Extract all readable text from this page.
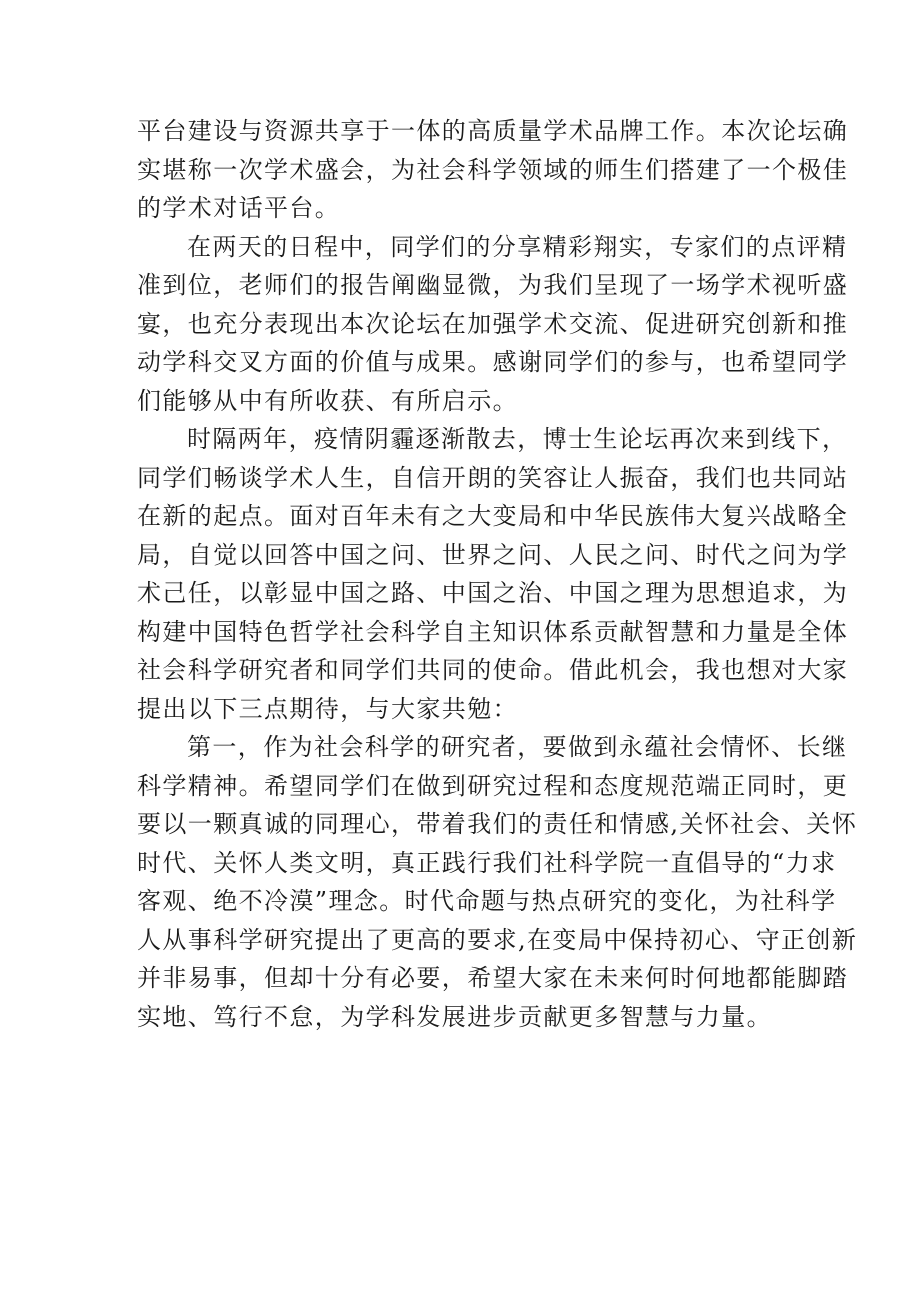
平台建设与资源共享于一体的高质量学术品牌工作。本次论坛确
实堪称一次学术盛会，为社会科学领域的师生们搭建了一个极佳
的学术对话平台。

在两天的日程中，同学们的分享精彩翔实，专家们的点评精
准到位，老师们的报告阐幽显微，为我们呈现了一场学术视听盛
宴，也充分表现出本次论坛在加强学术交流、促进研究创新和推
动学科交叉方面的价值与成果。感谢同学们的参与，也希望同学
们能够从中有所收获、有所启示。

时隔两年，疫情阴霾逐渐散去，博士生论坛再次来到线下，
同学们畅谈学术人生，自信开朗的笑容让人振奋，我们也共同站
在新的起点。面对百年未有之大变局和中华民族伟大复兴战略全
局，自觉以回答中国之问、世界之问、人民之问、时代之问为学
术己任，以彰显中国之路、中国之治、中国之理为思想追求，为
构建中国特色哲学社会科学自主知识体系贡献智慧和力量是全体
社会科学研究者和同学们共同的使命。借此机会，我也想对大家
提出以下三点期待，与大家共勉：

第一，作为社会科学的研究者，要做到永蕴社会情怀、长继
科学精神。希望同学们在做到研究过程和态度规范端正同时，更
要以一颗真诚的同理心，带着我们的责任和情感,关怀社会、关怀
时代、关怀人类文明，真正践行我们社科学院一直倡导的“力求
客观、绝不冷漠”理念。时代命题与热点研究的变化，为社科学
人从事科学研究提出了更高的要求,在变局中保持初心、守正创新
并非易事，但却十分有必要，希望大家在未来何时何地都能脚踏
实地、笃行不怠，为学科发展进步贡献更多智慧与力量。
